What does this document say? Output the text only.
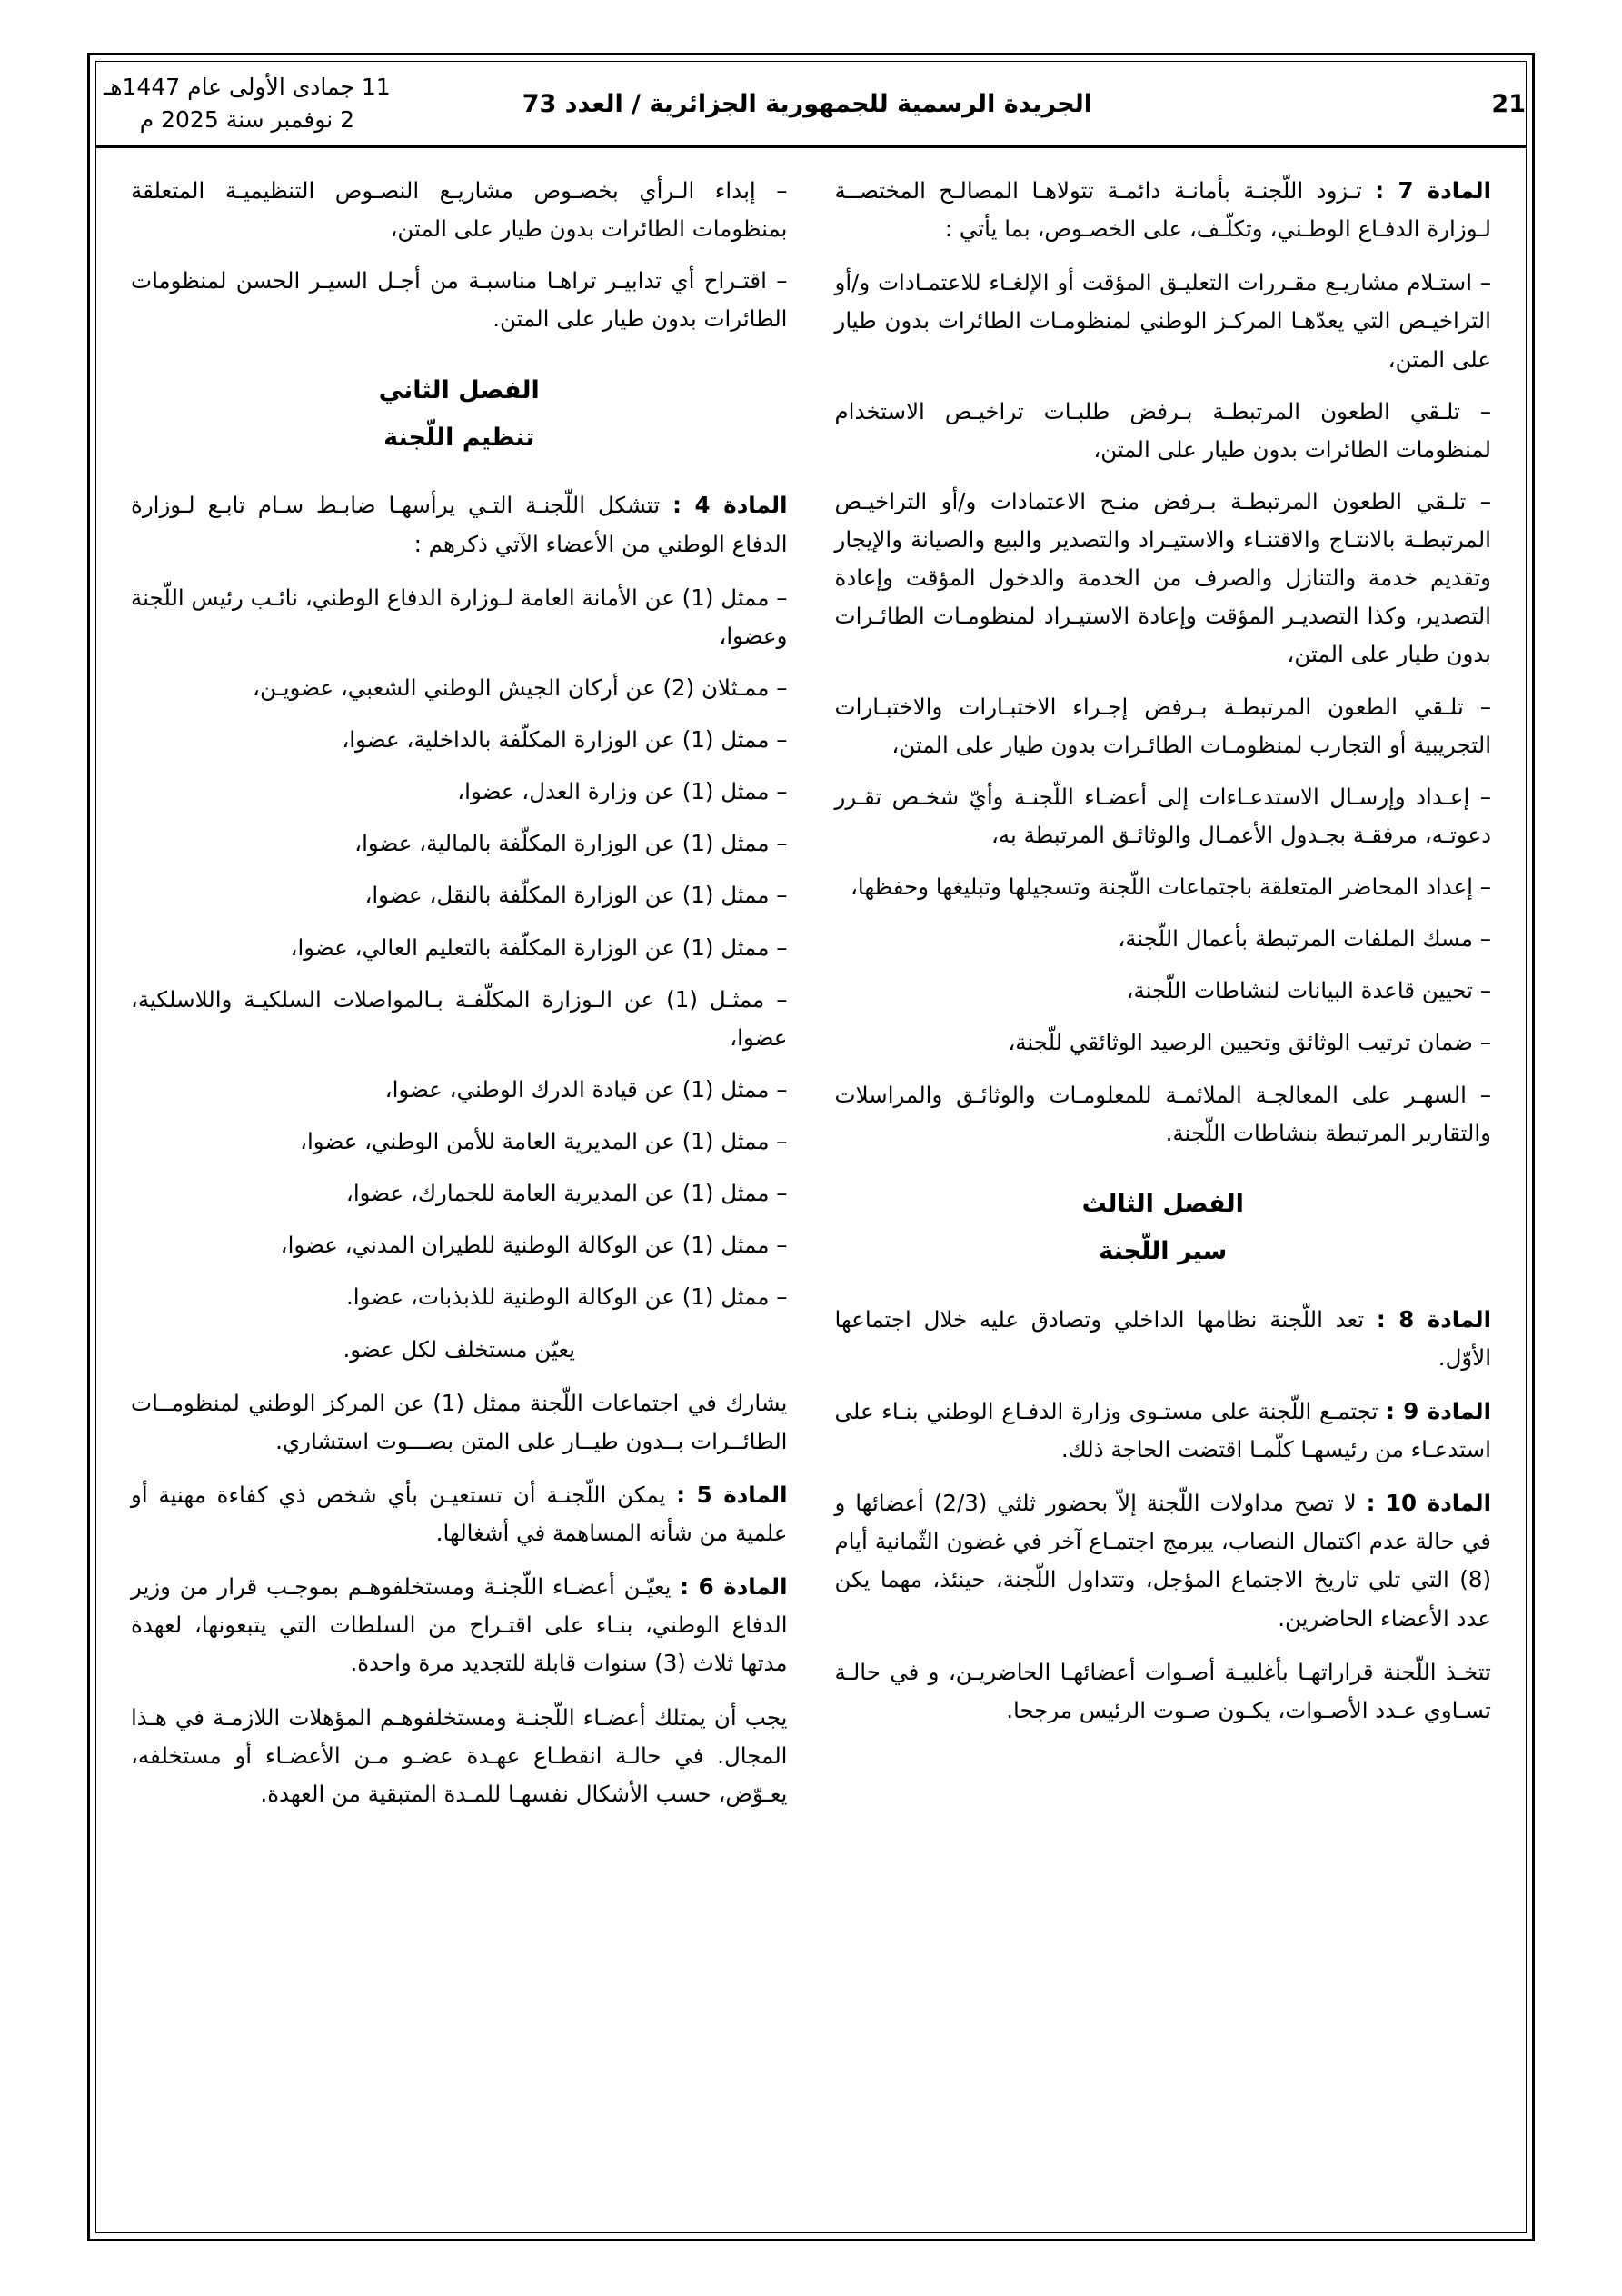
21
الجريدة الرسمية للجمهورية الجزائرية / العدد 73
11 جمادى الأولى عام 1447هـ
2 نوفمبر سنة 2025 م

المادة 7 : تـزود اللّجنـة بأمانـة دائمـة تتولاهـا المصالـح المختصــة لـوزارة الدفـاع الوطـني، وتكلّـف، على الخصـوص، بما يأتي :

– استـلام مشاريـع مقـررات التعليـق المؤقت أو الإلغـاء للاعتمـادات و/أو التراخيـص التي يعدّهـا المركـز الوطني لمنظومـات الطائرات بدون طيار على المتن،

– تلـقي الطعون المرتبطـة بـرفض طلبـات تراخيـص الاستخدام لمنظومات الطائرات بدون طيار على المتن،

– تلـقي الطعون المرتبطـة بـرفض منـح الاعتمادات و/أو التراخيـص المرتبطـة بالانتـاج والاقتنـاء والاستيـراد والتصدير والبيع والصيانة والإيجار وتقديم خدمة والتنازل والصرف من الخدمة والدخول المؤقت وإعادة التصدير، وكذا التصديـر المؤقت وإعادة الاستيـراد لمنظومـات الطائـرات بدون طيار على المتن،

– تلـقي الطعون المرتبطـة بـرفض إجـراء الاختبـارات والاختبـارات التجريبية أو التجارب لمنظومـات الطائـرات بدون طيار على المتن،

– إعـداد وإرسـال الاستدعـاءات إلى أعضـاء اللّجنـة وأيّ شخـص تقـرر دعوتـه، مرفقـة بجـدول الأعمـال والوثائـق المرتبطة به،

– إعداد المحاضر المتعلقة باجتماعات اللّجنة وتسجيلها وتبليغها وحفظها،

– مسك الملفات المرتبطة بأعمال اللّجنة،

– تحيين قاعدة البيانات لنشاطات اللّجنة،

– ضمان ترتيب الوثائق وتحيين الرصيد الوثائقي للّجنة،

– السهـر على المعالجـة الملائمـة للمعلومـات والوثائـق والمراسلات والتقارير المرتبطة بنشاطات اللّجنة.

الفصل الثالث

سير اللّجنة

المادة 8 : تعد اللّجنة نظامها الداخلي وتصادق عليه خلال اجتماعها الأوّل.

المادة 9 : تجتمـع اللّجنة على مستـوى وزارة الدفـاع الوطني بنـاء على استدعـاء من رئيسهـا كلّمـا اقتضت الحاجة ذلك.

المادة 10 : لا تصح مداولات اللّجنة إلاّ بحضور ثلثي (2/3) أعضائها و في حالة عدم اكتمال النصاب، يبرمج اجتمـاع آخر في غضون الثّمانية أيام (8) التي تلي تاريخ الاجتماع المؤجل، وتتداول اللّجنة، حينئذ، مهما يكن عدد الأعضاء الحاضرين.

تتخـذ اللّجنة قراراتهـا بأغلبيـة أصـوات أعضائهـا الحاضريـن، و في حالـة تسـاوي عـدد الأصـوات، يكـون صـوت الرئيس مرجحا.

– إبداء الـرأي بخصـوص مشاريـع النصـوص التنظيميـة المتعلقة بمنظومات الطائرات بدون طيار على المتن،

– اقتـراح أي تدابيـر تراهـا مناسبـة من أجـل السيـر الحسن لمنظومات الطائرات بدون طيار على المتن.

الفصل الثاني

تنظيم اللّجنة

المادة 4 : تتشكل اللّجنـة التـي يرأسهـا ضابـط سـام تابـع لـوزارة الدفاع الوطني من الأعضاء الآتي ذكرهم :

– ممثل (1) عن الأمانة العامة لـوزارة الدفاع الوطني، نائـب رئيس اللّجنة وعضوا،

– ممـثلان (2) عن أركان الجيش الوطني الشعبي، عضويـن،

– ممثل (1) عن الوزارة المكلّفة بالداخلية، عضوا،

– ممثل (1) عن وزارة العدل، عضوا،

– ممثل (1) عن الوزارة المكلّفة بالمالية، عضوا،

– ممثل (1) عن الوزارة المكلّفة بالنقل، عضوا،

– ممثل (1) عن الوزارة المكلّفة بالتعليم العالي، عضوا،

– ممثـل (1) عن الـوزارة المكلّفـة بـالمواصلات السلكيـة واللاسلكية، عضوا،

– ممثل (1) عن قيادة الدرك الوطني، عضوا،

– ممثل (1) عن المديرية العامة للأمن الوطني، عضوا،

– ممثل (1) عن المديرية العامة للجمارك، عضوا،

– ممثل (1) عن الوكالة الوطنية للطيران المدني، عضوا،

– ممثل (1) عن الوكالة الوطنية للذبذبات، عضوا.

يعيّن مستخلف لكل عضو.

يشارك في اجتماعات اللّجنة ممثل (1) عن المركز الوطني لمنظومــات الطائــرات بــدون طيــار على المتن بصـــوت استشاري.

المادة 5 : يمكن اللّجنـة أن تستعيـن بأي شخص ذي كفاءة مهنية أو علمية من شأنه المساهمة في أشغالها.

المادة 6 : يعيّـن أعضـاء اللّجنـة ومستخلفوهـم بموجـب قرار من وزير الدفاع الوطني، بنـاء على اقتـراح من السلطات التي يتبعونها، لعهدة مدتها ثلاث (3) سنوات قابلة للتجديد مرة واحدة.

يجب أن يمتلك أعضـاء اللّجنـة ومستخلفوهـم المؤهلات اللازمـة في هـذا المجال. في حالـة انقطـاع عهـدة عضـو مـن الأعضـاء أو مستخلفه، يعـوّض، حسب الأشكال نفسهـا للمـدة المتبقية من العهدة.
